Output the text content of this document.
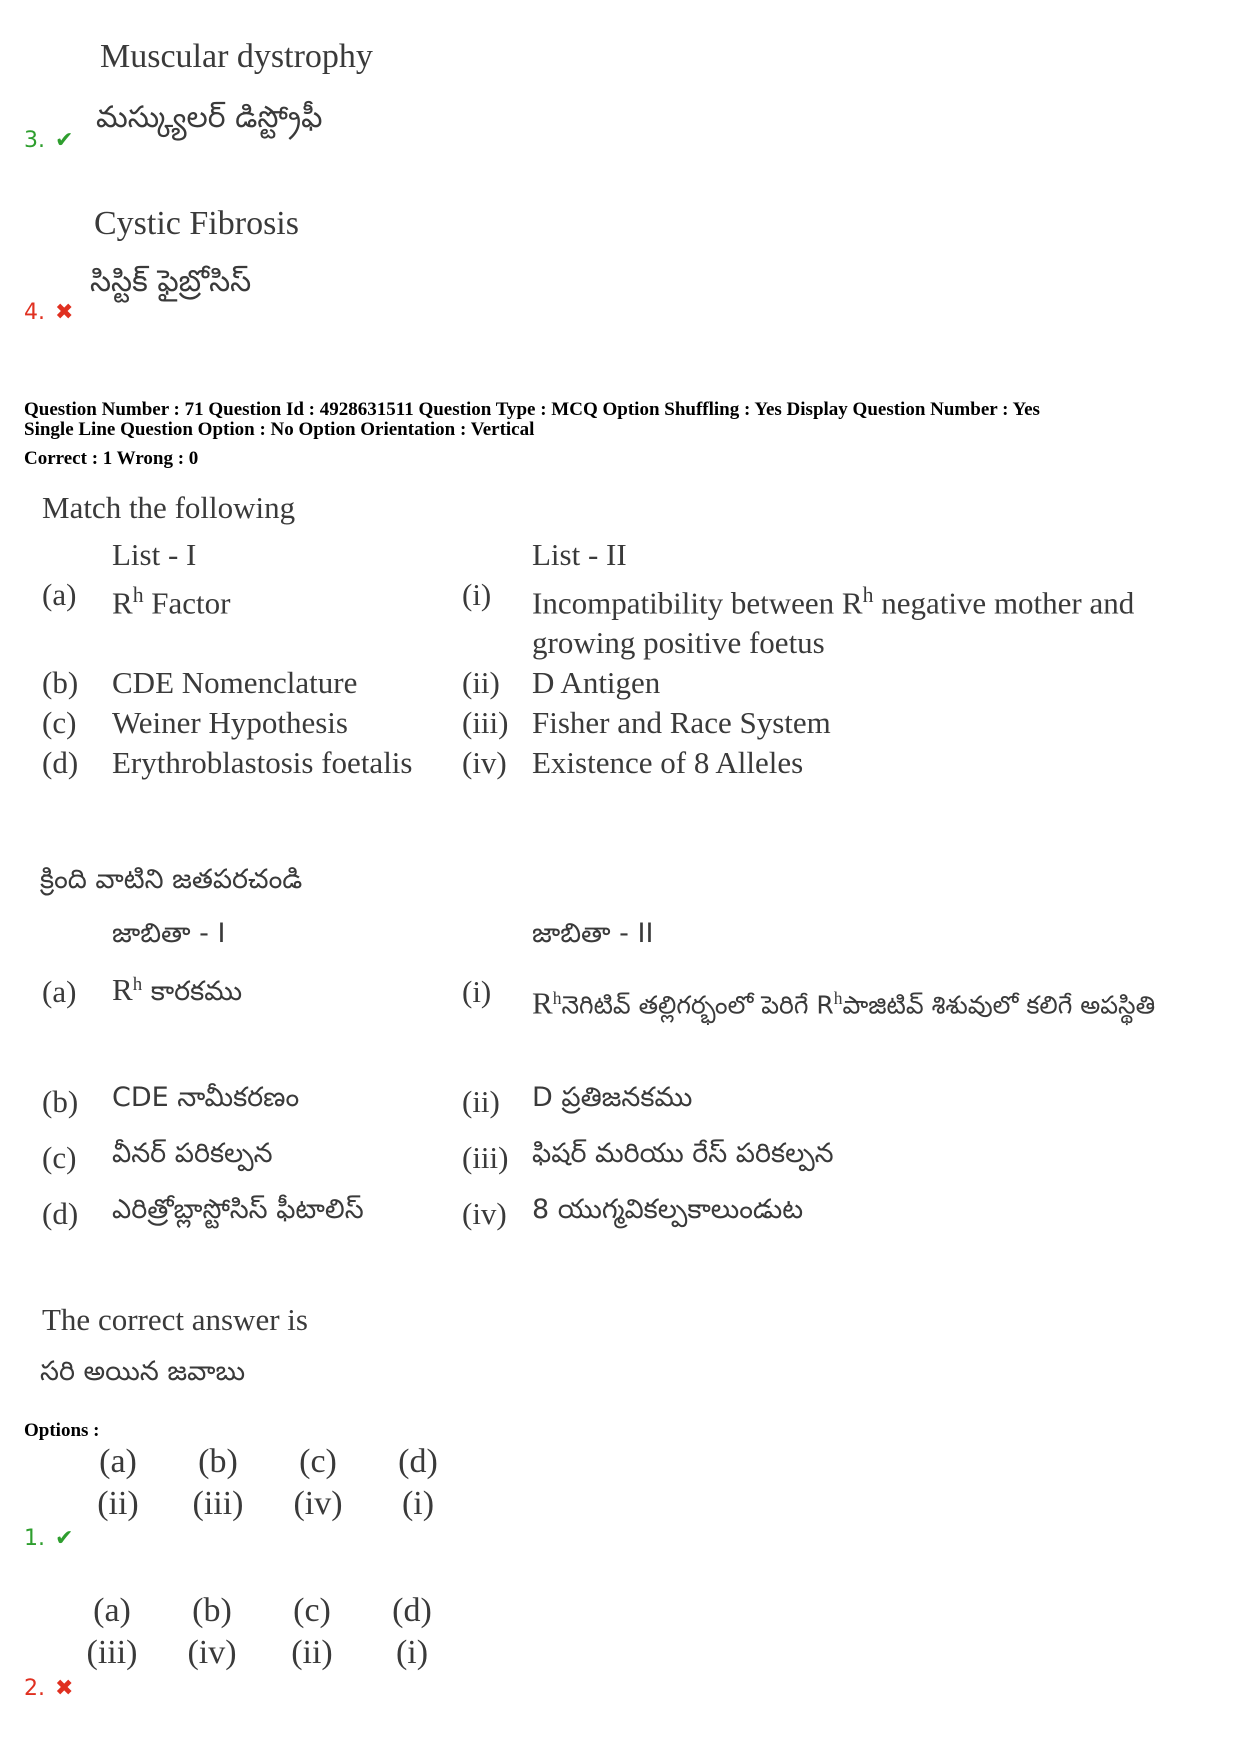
Muscular dystrophy
మస్క్యులర్ డిస్ట్రోఫీ
3. ✔
Cystic Fibrosis
సిస్టిక్ ఫైబ్రోసిస్
4. ✖
Question Number : 71 Question Id : 4928631511 Question Type : MCQ Option Shuffling : Yes Display Question Number : Yes
Single Line Question Option : No Option Orientation : Vertical
Correct : 1 Wrong : 0
Match the following
	List - I		List - II
(a)	$R^h$ Factor	(i)	Incompatibility between $R^h$ negative mother and growing positive foetus
(b)	CDE Nomenclature	(ii)	D Antigen
(c)	Weiner Hypothesis	(iii)	Fisher and Race System
(d)	Erythroblastosis foetalis	(iv)	Existence of 8 Alleles
క్రింది వాటిని జతపరచండి
జాబితా - I	జాబితా - II
(a) $R^h$ కారకము	(i) $R^hనెగిటివ్$ తల్లిగర్భంలో పెరిగే $R^hపాజిటివ్$ శిశువులో కలిగే అపస్థితి
(b) CDE నామీకరణం	(ii) D ప్రతిజనకము
(c) వీనర్ పరికల్పన	(iii) ఫిషర్ మరియు రేస్ పరికల్పన
(d) ఎరిత్రోబ్లాస్టోసిస్ ఫీటాలిస్	(iv) 8 యుగ్మవికల్పకాలుండుట
The correct answer is
సరి అయిన జవాబు
Options :
(a)	(b)	(c)	(d)
(ii)	(iii)	(iv)	(i)
1. ✔
(a)	(b)	(c)	(d)
(iii)	(iv)	(ii)	(i)
2. ✖
